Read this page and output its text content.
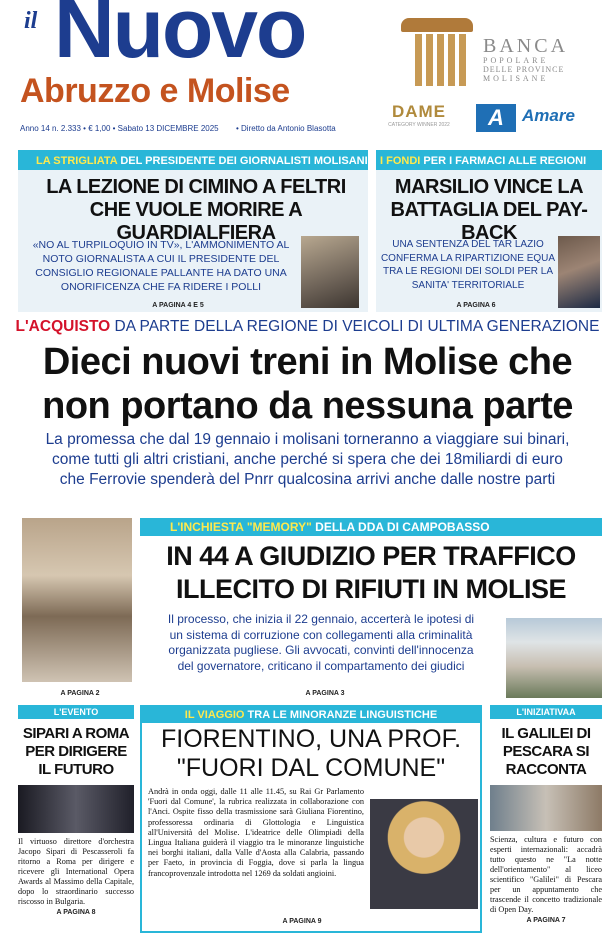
il Nuovo
Abruzzo e Molise
Anno 14 n. 2.333 • € 1,00 • Sabato 13 DICEMBRE 2025 • Diretto da Antonio Blasotta
BANCA
POPOLARE
DELLE PROVINCE
MOLISANE
DAME
CATEGORY WINNER 2022	A	Amare
LA STRIGLIATA DEL PRESIDENTE DEI GIORNALISTI MOLISANI
LA LEZIONE DI CIMINO A FELTRI CHE VUOLE MORIRE A GUARDIALFIERA
«NO AL TURPILOQUIO IN TV», L'AMMONIMENTO AL NOTO GIORNALISTA A CUI IL PRESIDENTE DEL CONSIGLIO REGIONALE PALLANTE HA DATO UNA ONORIFICENZA CHE FA RIDERE I POLLI
A PAGINA 4 E 5
I FONDI PER I FARMACI ALLE REGIONI
MARSILIO VINCE LA BATTAGLIA DEL PAY-BACK
UNA SENTENZA DEL TAR LAZIO CONFERMA LA RIPARTIZIONE EQUA TRA LE REGIONI DEI SOLDI PER LA SANITA' TERRITORIALE
A PAGINA 6
L'ACQUISTO DA PARTE DELLA REGIONE DI VEICOLI DI ULTIMA GENERAZIONE
Dieci nuovi treni in Molise che
non portano da nessuna parte
La promessa che dal 19 gennaio i molisani torneranno a viaggiare sui binari,
come tutti gli altri cristiani, anche perché si spera che dei 18miliardi di euro
che Ferrovie spenderà del Pnrr qualcosina arrivi anche dalle nostre parti
A PAGINA 2
L'INCHIESTA "MEMORY" DELLA DDA DI CAMPOBASSO
IN 44 A GIUDIZIO PER TRAFFICO
ILLECITO DI RIFIUTI IN MOLISE
Il processo, che inizia il 22 gennaio, accerterà le ipotesi di
un sistema di corruzione con collegamenti alla criminalità
organizzata pugliese. Gli avvocati, convinti dell'innocenza
del governatore, criticano il compartamento dei giudici
A PAGINA 3
L'EVENTO
SIPARI A ROMA PER DIRIGERE IL FUTURO
Il virtuoso direttore d'orchestra Jacopo Sipari di Pescasseroli fa ritorno a Roma per dirigere e ricevere gli International Opera Awards al Massimo della Capitale, dopo lo straordinario successo riscosso in Bulgaria.
A PAGINA 8
IL VIAGGIO TRA LE MINORANZE LINGUISTICHE
FIORENTINO, UNA PROF.
"FUORI DAL COMUNE"
Andrà in onda oggi, dalle 11 alle 11.45, su Rai Gr Parlamento 'Fuori dal Comune', la rubrica realizzata in collaborazione con l'Anci. Ospite fisso della trasmissione sarà Giuliana Fiorentino, professoressa ordinaria di Glottologia e Linguistica all'Università del Molise. L'ideatrice delle Olimpiadi della Lingua Italiana guiderà il viaggio tra le minoranze linguistiche nei borghi italiani, dalla Valle d'Aosta alla Calabria, passando per Faeto, in provincia di Foggia, dove si parla la lingua francoprovenzale introdotta nel 1269 da soldati angioini.
A PAGINA 9
L'INIZIATIVAA
IL GALILEI DI PESCARA SI RACCONTA
Scienza, cultura e futuro con esperti internazionali: accadrà tutto questo ne "La notte dell'orientamento" al liceo scientifico "Galilei" di Pescara per un appuntamento che trascende il concetto tradizionale di Open Day.
A PAGINA 7
